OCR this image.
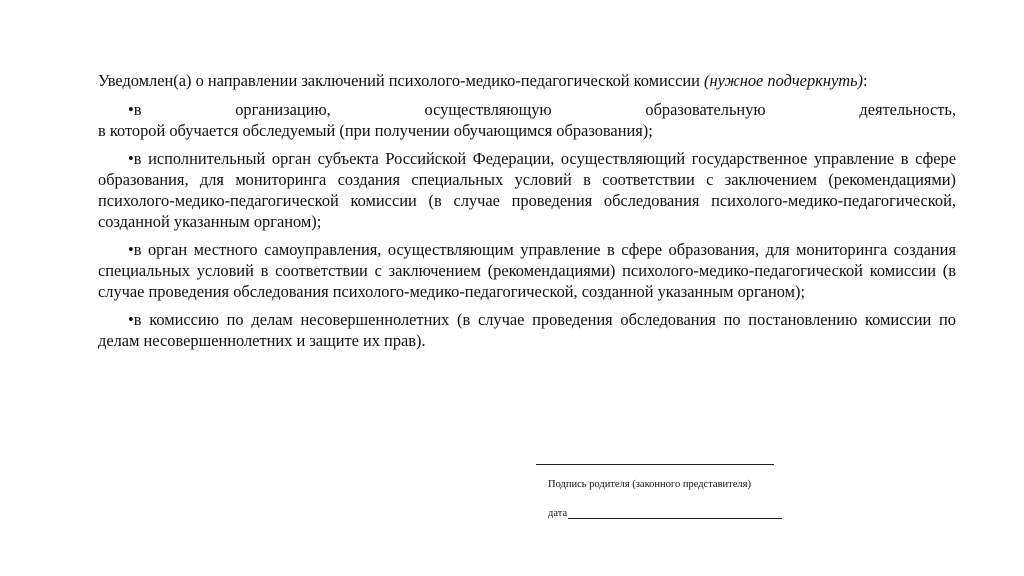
Уведомлен(а) о направлении заключений психолого-медико-педагогической комиссии (нужное подчеркнуть):

•в организацию, осуществляющую образовательную деятельность,
в которой обучается обследуемый (при получении обучающимся образования);

•в исполнительный орган субъекта Российской Федерации, осуществляющий государственное управление в сфере образования, для мониторинга создания специальных условий в соответствии с заключением (рекомендациями) психолого-медико-педагогической комиссии (в случае проведения обследования психолого-медико-педагогической, созданной указанным органом);

•в орган местного самоуправления, осуществляющим управление в сфере образования, для мониторинга создания специальных условий в соответствии с заключением (рекомендациями) психолого-медико-педагогической комиссии (в случае проведения обследования психолого-медико-педагогической, созданной указанным органом);

•в комиссию по делам несовершеннолетних (в случае проведения обследования по постановлению комиссии по делам несовершеннолетних и защите их прав).

Подпись родителя (законного представителя)
дата
